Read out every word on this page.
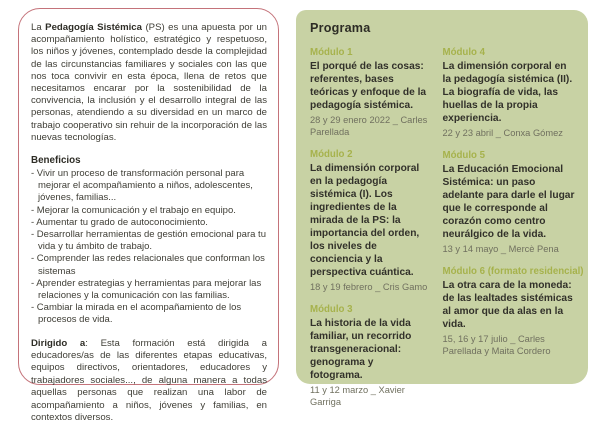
La Pedagogía Sistémica (PS) es una apuesta por un acompañamiento holístico, estratégico y respetuoso, los niños y jóvenes, contemplado desde la complejidad de las circunstancias familiares y sociales con las que nos toca convivir en esta época, llena de retos que necesitamos encarar por la sostenibilidad de la convivencia, la inclusión y el desarrollo integral de las personas, atendiendo a su diversidad en un marco de trabajo cooperativo sin rehuir de la incorporación de las nuevas tecnologías.

Beneficios
- Vivir un proceso de transformación personal para mejorar el acompañamiento a niños, adolescentes, jóvenes, familias...
- Mejorar la comunicación y el trabajo en equipo.
- Aumentar tu grado de autoconocimiento.
- Desarrollar herramientas de gestión emocional para tu vida y tu ámbito de trabajo.
- Comprender las redes relacionales que conforman los sistemas
- Aprender estrategias y herramientas para mejorar las relaciones y la comunicación con las familias.
- Cambiar la mirada en el acompañamiento de los procesos de vida.

Dirigido a: Esta formación está dirigida a educadores/as de las diferentes etapas educativas, equipos directivos, orientadores, educadores y trabajadores sociales..., de alguna manera a todas aquellas personas que realizan una labor de acompañamiento a niños, jóvenes y familias, en contextos diversos.

Programa
Módulo 1
El porqué de las cosas: referentes, bases teóricas y enfoque de la pedagogía sistémica.
28 y 29 enero 2022 _ Carles Parellada
Módulo 2
La dimensión corporal en la pedagogía sistémica (I). Los ingredientes de la mirada de la PS: la importancia del orden, los niveles de conciencia y la perspectiva cuántica.
18 y 19 febrero _ Cris Gamo
Módulo 3
La historia de la vida familiar, un recorrido transgeneracional: genograma y fotograma.
11 y 12 marzo _ Xavier Garriga
Módulo 4
La dimensión corporal en la pedagogía sistémica (II). La biografía de vida, las huellas de la propia experiencia.
22 y 23 abril _ Conxa Gómez
Módulo 5
La Educación Emocional Sistémica: un paso adelante para darle el lugar que le corresponde al corazón como centro neurálgico de la vida.
13 y 14 mayo _ Mercè Pena
Módulo 6 (formato residencial)
La otra cara de la moneda: de las lealtades sistémicas al amor que da alas en la vida.
15, 16 y 17 julio _ Carles Parellada y Maita Cordero
